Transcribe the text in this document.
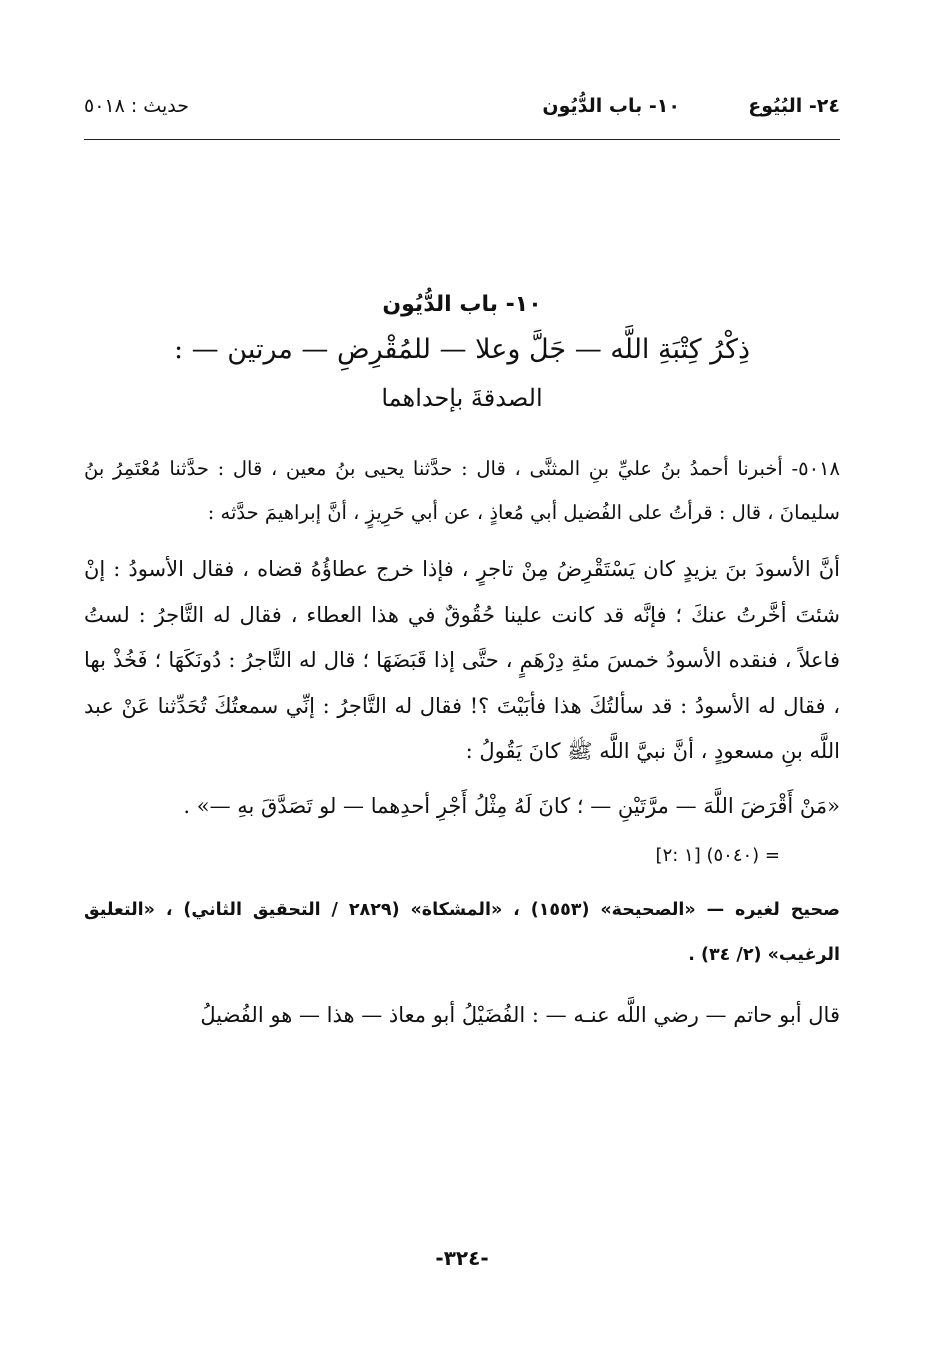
٢٤- البُيُوع
١٠- باب الدُّيُون
حديث : ٥٠١٨
١٠- باب الدُّيُون
ذِكْرُ كِتْبَةِ اللَّه — جَلَّ وعلا — للمُقْرِضِ — مرتين — :
الصدقةَ بإحداهما

٥٠١٨- أخبرنا أحمدُ بنُ عليِّ بنِ المثنَّى ، قال : حدَّثنا يحيى بنُ معين ، قال : حدَّثنا مُعْتَمِرُ بنُ سليمانَ ، قال : قرأتُ على الفُضيل أبي مُعاذٍ ، عن أبي حَرِيزٍ ، أنَّ إبراهيمَ حدَّثه :

أنَّ الأسودَ بنَ يزيدٍ كان يَسْتَقْرِضُ مِنْ تاجرٍ ، فإذا خرج عطاؤُهُ قضاه ، فقال الأسودُ : إنْ شئتَ أخَّرتُ عنكَ ؛ فإنَّه قد كانت علينا حُقُوقٌ في هذا العطاء ، فقال له التَّاجرُ : لستُ فاعلاً ، فنقده الأسودُ خمسَ مئةِ دِرْهَمٍ ، حتَّى إذا قَبَضَهَا ؛ قال له التَّاجرُ : دُونَكَهَا ؛ فَخُذْ بها ، فقال له الأسودُ : قد سألتُكَ هذا فأبَيْتَ ؟! فقال له التَّاجرُ : إنِّي سمعتُكَ تُحَدِّثنا عَنْ عبد اللَّه بنِ مسعودٍ ، أنَّ نبيَّ اللَّه ﷺ كانَ يَقُولُ :

«مَنْ أَقْرَضَ اللَّهَ — مرَّتَيْنِ — ؛ كانَ لَهُ مِثْلُ أَجْرِ أحدِهما — لو تَصَدَّقَ بهِ —» .

= (٥٠٤٠) [١ :٢]

صحيح لغيره — «الصحيحة» (١٥٥٣) ، «المشكاة» (٢٨٢٩ / التحقيق الثاني) ، «التعليق الرغيب» (٢/ ٣٤) .

قال أبو حاتم — رضي اللَّه عنـه — : الفُضَيْلُ أبو معاذ — هذا — هو الفُضيلُ

-٣٢٤-
